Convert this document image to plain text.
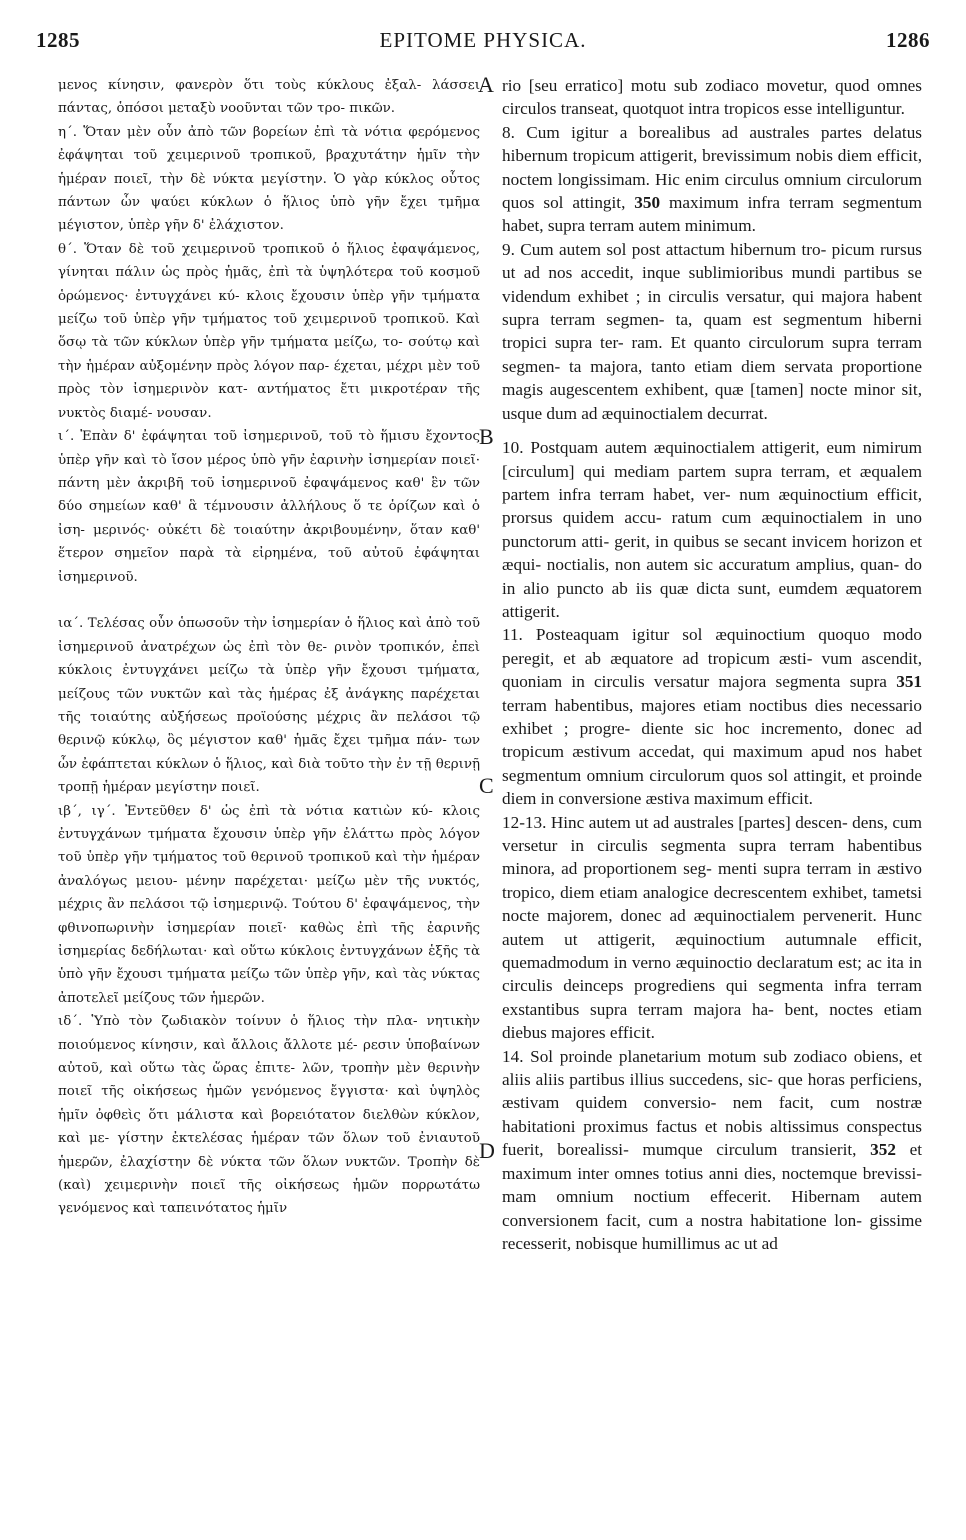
1285	EPITOME PHYSICA.	1286

μενος κίνησιν, φανερὸν ὅτι τοὺς κύκλους ἐξαλ- λάσσει πάντας, ὁπόσοι μεταξὺ νοοῦνται τῶν τρο- πικῶν.

η΄. Ὅταν μὲν οὖν ἀπὸ τῶν βορείων ἐπὶ τὰ νότια φερόμενος ἐφάψηται τοῦ χειμερινοῦ τροπικοῦ, βραχυτάτην ἡμῖν τὴν ἡμέραν ποιεῖ, τὴν δὲ νύκτα μεγίστην. Ὁ γὰρ κύκλος οὗτος πάντων ὧν ψαύει κύκλων ὁ ἥλιος ὑπὸ γῆν ἔχει τμῆμα μέγιστον, ὑπὲρ γῆν δ' ἐλάχιστον.

θ΄. Ὅταν δὲ τοῦ χειμερινοῦ τροπικοῦ ὁ ἥλιος ἐφαψάμενος, γίνηται πάλιν ὡς πρὸς ἡμᾶς, ἐπὶ τὰ ὑψηλότερα τοῦ κοσμοῦ ὁρώμενος· ἐντυγχάνει κύ- κλοις ἔχουσιν ὑπὲρ γῆν τμήματα μείζω τοῦ ὑπὲρ γῆν τμήματος τοῦ χειμερινοῦ τροπικοῦ. Καὶ ὅσῳ τὰ τῶν κύκλων ὑπὲρ γῆν τμήματα μείζω, το- σούτῳ καὶ τὴν ἡμέραν αὐξομένην πρὸς λόγον παρ- έχεται, μέχρι μὲν τοῦ πρὸς τὸν ἰσημερινὸν κατ- αντήματος ἔτι μικροτέραν τῆς νυκτὸς διαμέ- νουσαν.

ι΄. Ἐπὰν δ' ἐφάψηται τοῦ ἰσημερινοῦ, τοῦ τὸ ἥμισυ ἔχοντος ὑπὲρ γῆν καὶ τὸ ἴσον μέρος ὑπὸ γῆν ἐαρινὴν ἰσημερίαν ποιεῖ· πάντη μὲν ἀκριβῆ τοῦ ἰσημερινοῦ ἐφαψάμενος καθ' ἓν τῶν δύο σημείων καθ' ἃ τέμνουσιν ἀλλήλους ὅ τε ὁρίζων καὶ ὁ ἰση- μερινός· οὐκέτι δὲ τοιαύτην ἀκριβουμένην, ὅταν καθ' ἕτερον σημεῖον παρὰ τὰ εἰρημένα, τοῦ αὐτοῦ ἐφάψηται ἰσημερινοῦ.

ια΄. Τελέσας οὖν ὁπωσοῦν τὴν ἰσημερίαν ὁ ἥλιος καὶ ἀπὸ τοῦ ἰσημερινοῦ ἀνατρέχων ὡς ἐπὶ τὸν θε- ρινὸν τροπικόν, ἐπεὶ κύκλοις ἐντυγχάνει μείζω τὰ ὑπὲρ γῆν ἔχουσι τμήματα, μείζους τῶν νυκτῶν καὶ τὰς ἡμέρας ἐξ ἀνάγκης παρέχεται τῆς τοιαύτης αὐξήσεως προϊούσης μέχρις ἂν πελάσοι τῷ θερινῷ κύκλῳ, ὃς μέγιστον καθ' ἡμᾶς ἔχει τμῆμα πάν- των ὧν ἐφάπτεται κύκλων ὁ ἥλιος, καὶ διὰ τοῦτο τὴν ἐν τῇ θερινῇ τροπῇ ἡμέραν μεγίστην ποιεῖ.

ιβ΄, ιγ΄. Ἐντεῦθεν δ' ὡς ἐπὶ τὰ νότια κατιὼν κύ- κλοις ἐντυγχάνων τμήματα ἔχουσιν ὑπὲρ γῆν ἐλάττω πρὸς λόγον τοῦ ὑπὲρ γῆν τμήματος τοῦ θερινοῦ τροπικοῦ καὶ τὴν ἡμέραν ἀναλόγως μειου- μένην παρέχεται· μείζω μὲν τῆς νυκτός, μέχρις ἂν πελάσοι τῷ ἰσημερινῷ. Τούτου δ' ἐφαψάμενος, τὴν φθινοπωρινὴν ἰσημερίαν ποιεῖ· καθὼς ἐπὶ τῆς ἐαρινῆς ἰσημερίας δεδήλωται· καὶ οὕτω κύκλοις ἐντυγχάνων ἑξῆς τὰ ὑπὸ γῆν ἔχουσι τμήματα μείζω τῶν ὑπὲρ γῆν, καὶ τὰς νύκτας ἀποτελεῖ μείζους τῶν ἡμερῶν.

ιδ΄. Ὑπὸ τὸν ζωδιακὸν τοίνυν ὁ ἥλιος τὴν πλα- νητικὴν ποιούμενος κίνησιν, καὶ ἄλλοις ἄλλοτε μέ- ρεσιν ὑποβαίνων αὐτοῦ, καὶ οὕτω τὰς ὥρας ἐπιτε- λῶν, τροπὴν μὲν θερινὴν ποιεῖ τῆς οἰκήσεως ἡμῶν γενόμενος ἔγγιστα· καὶ ὑψηλὸς ἡμῖν ὀφθεὶς ὅτι μάλιστα καὶ βορειότατον διελθὼν κύκλον, καὶ με- γίστην ἐκτελέσας ἡμέραν τῶν ὅλων τοῦ ἐνιαυτοῦ ἡμερῶν, ἐλαχίστην δὲ νύκτα τῶν ὅλων νυκτῶν. Τροπὴν δὲ (καὶ) χειμερινὴν ποιεῖ τῆς οἰκήσεως ἡμῶν πορρωτάτω γενόμενος καὶ ταπεινότατος ἡμῖν

rio [seu erratico] motu sub zodiaco movetur, quod omnes circulos transeat, quotquot intra tropicos esse intelliguntur.

8. Cum igitur a borealibus ad australes partes delatus hibernum tropicum attigerit, brevissimum nobis diem efficit, noctem longissimam. Hic enim circulus omnium circulorum quos sol attingit, 350 maximum infra terram segmentum habet, supra terram autem minimum.

9. Cum autem sol post attactum hibernum tro- picum rursus ut ad nos accedit, inque sublimioribus mundi partibus se videndum exhibet ; in circulis versatur, qui majora habent supra terram segmen- ta, quam est segmentum hiberni tropici supra ter- ram. Et quanto circulorum supra terram segmen- ta majora, tanto etiam diem servata proportione magis augescentem exhibent, quæ [tamen] nocte minor sit, usque dum ad æquinoctialem decurrat.

10. Postquam autem æquinoctialem attigerit, eum nimirum [circulum] qui mediam partem supra terram, et æqualem partem infra terram habet, ver- num æquinoctium efficit, prorsus quidem accu- ratum cum æquinoctialem in uno punctorum atti- gerit, in quibus se secant invicem horizon et æqui- noctialis, non autem sic accuratum amplius, quan- do in alio puncto ab iis quæ dicta sunt, eumdem æquatorem attigerit.

11. Posteaquam igitur sol æquinoctium quoquo modo peregit, et ab æquatore ad tropicum æsti- vum ascendit, quoniam in circulis versatur majora segmenta supra 351 terram habentibus, majores etiam noctibus dies necessario exhibet ; progre- diente sic hoc incremento, donec ad tropicum æstivum accedat, qui maximum apud nos habet segmentum omnium circulorum quos sol attingit, et proinde diem in conversione æstiva maximum efficit.

12-13. Hinc autem ut ad australes [partes] descen- dens, cum versetur in circulis segmenta supra terram habentibus minora, ad proportionem seg- menti supra terram in æstivo tropico, diem etiam analogice decrescentem exhibet, tametsi nocte majorem, donec ad æquinoctialem pervenerit. Hunc autem ut attigerit, æquinoctium autumnale efficit, quemadmodum in verno æquinoctio declaratum est; ac ita in circulis deinceps progrediens qui segmenta infra terram exstantibus supra terram majora ha- bent, noctes etiam diebus majores efficit.

14. Sol proinde planetarium motum sub zodiaco obiens, et aliis aliis partibus illius succedens, sic- que horas perficiens, æstivam quidem conversio- nem facit, cum nostræ habitationi proximus factus et nobis altissimus conspectus fuerit, borealissi- mumque circulum transierit, 352 et maximum inter omnes totius anni dies, noctemque brevissi- mam omnium noctium effecerit. Hibernam autem conversionem facit, cum a nostra habitatione lon- gissime recesserit, nobisque humillimus ac ut ad

A
B
C
D
